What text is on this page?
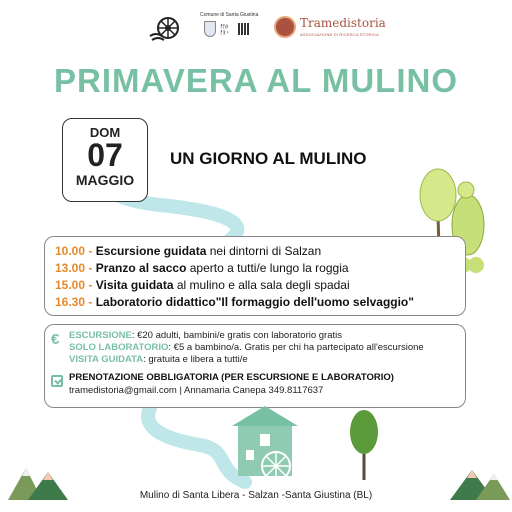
Comune di Santa Giustina
ᚠᚢᚦ
ᚨᚱᚲ
Tramedistoria
ASSOCIAZIONE DI RICERCA STORICA
PRIMAVERA AL MULINO
DOM
07
MAGGIO
UN GIORNO AL MULINO
10.00 - Escursione guidata nei dintorni di Salzan
13.00 - Pranzo al sacco aperto a tutti/e lungo la roggia
15.00 - Visita guidata al mulino e alla sala degli spadai
16.30 - Laboratorio didattico"Il formaggio dell'uomo selvaggio"
€ ESCURSIONE: €20 adulti, bambini/e gratis con laboratorio gratis
SOLO LABORATORIO: €5 a bambino/a. Gratis per chi ha partecipato all'escursione
VISITA GUIDATA: gratuita e libera a tutti/e
PRENOTAZIONE OBBLIGATORIA (PER ESCURSIONE E LABORATORIO)
tramedistoria@gmail.com | Annamaria Canepa 349.8117637
Mulino di Santa Libera - Salzan -Santa Giustina (BL)
